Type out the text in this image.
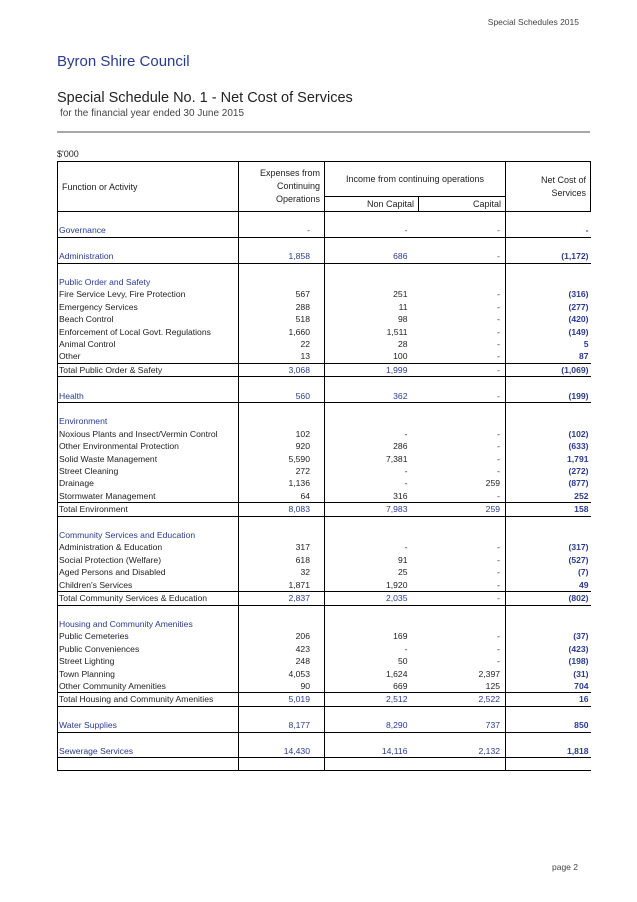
Special Schedules 2015
Byron Shire Council
Special Schedule No. 1 - Net Cost of Services
for the financial year ended 30 June 2015
$'000
Function or Activity	Expenses from Continuing Operations	Income from continuing operations		Net Cost of Services
		Non Capital	Capital	

Governance	-	-	-	-

Administration	1,858	686	-	(1,172)

Public Order and Safety				
Fire Service Levy, Fire Protection	567	251	-	(316)
Emergency Services	288	11	-	(277)
Beach Control	518	98	-	(420)
Enforcement of Local Govt. Regulations	1,660	1,511	-	(149)
Animal Control	22	28	-	5
Other	13	100	-	87
Total Public Order & Safety	3,068	1,999	-	(1,069)

Health	560	362	-	(199)

Environment				
Noxious Plants and Insect/Vermin Control	102	-	-	(102)
Other Environmental Protection	920	286	-	(633)
Solid Waste Management	5,590	7,381	-	1,791
Street Cleaning	272	-	-	(272)
Drainage	1,136	-	259	(877)
Stormwater Management	64	316	-	252
Total Environment	8,083	7,983	259	158

Community Services and Education				
Administration & Education	317	-	-	(317)
Social Protection (Welfare)	618	91	-	(527)
Aged Persons and Disabled	32	25	-	(7)
Children's Services	1,871	1,920	-	49
Total Community Services & Education	2,837	2,035	-	(802)

Housing and Community Amenities				
Public Cemeteries	206	169	-	(37)
Public Conveniences	423	-	-	(423)
Street Lighting	248	50	-	(198)
Town Planning	4,053	1,624	2,397	(31)
Other Community Amenities	90	669	125	704
Total Housing and Community Amenities	5,019	2,512	2,522	16

Water Supplies	8,177	8,290	737	850

Sewerage Services	14,430	14,116	2,132	1,818

page 2
